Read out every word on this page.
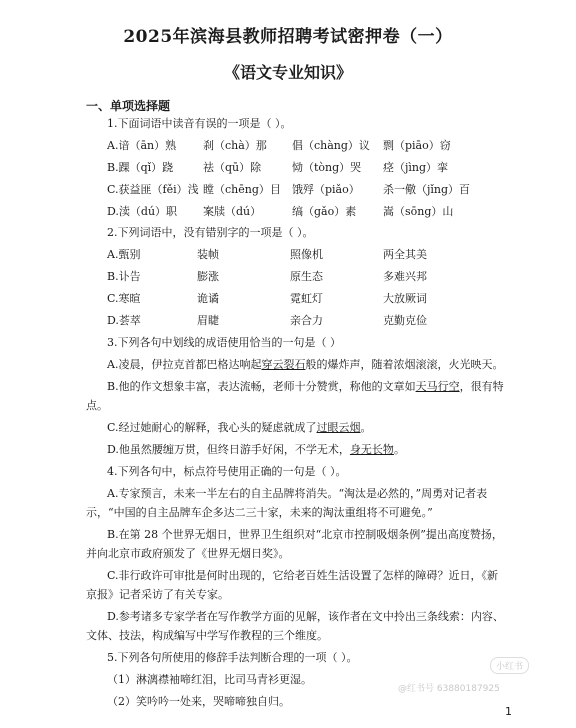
2025年滨海县教师招聘考试密押卷（一）
《语文专业知识》
一、单项选择题
1.下面词语中读音有误的一项是（ ）。
A.谙（ān）熟 刹（chà）那 倡（chàng）议 剽（piāo）窃
B.踝（qǐ）跷	祛（qū）除	恸（tòng）哭 痉（jìng）挛
C.获益匪（fěi）浅 瞠（chēng）目 饿殍（piǎo） 杀一儆（jǐng）百
D.渎（dú）职 案牍（dú）	缟（gǎo）素 嵩（sōng）山
2.下列词语中，没有错别字的一项是（ ）。
A.甄别	装帧	照像机	两全其美
B.讣告	膨涨	原生态	多难兴邦
C.寒暄	诡谲	霓虹灯	大放厥词
D.荟萃	眉睫	亲合力	克勤克俭
3.下列各句中划线的成语使用恰当的一句是（ ）
A.凌晨，伊拉克首都巴格达响起穿云裂石般的爆炸声，随着浓烟滚滚，火光映天。
B.他的作文想象丰富，表达流畅，老师十分赞赏，称他的文章如天马行空，很有特
点。
C.经过她耐心的解释，我心头的疑虑就成了过眼云烟。
D.他虽然腰缠万贯，但终日游手好闲，不学无术，身无长物。
4.下列各句中，标点符号使用正确的一句是（ ）。
A.专家预言，未来一半左右的自主品牌将消失。“淘汰是必然的，”周勇对记者表
示，“中国的自主品牌车企多达二三十家，未来的淘汰重组将不可避免。”
B.在第 28 个世界无烟日，世界卫生组织对“北京市控制吸烟条例”提出高度赞扬，
并向北京市政府颁发了《世界无烟日奖》。
C.非行政许可审批是何时出现的，它给老百姓生活设置了怎样的障碍？近日，《新
京报》记者采访了有关专家。
D.参考诸多专家学者在写作教学方面的见解，该作者在文中拎出三条线索：内容、
文体、技法，构成编写中学写作教程的三个维度。
5.下列各句所使用的修辞手法判断合理的一项（ ）。
（1）淋漓襟袖啼红泪，比司马青衫更湿。
（2）笑吟吟一处来，哭啼啼独自归。
1
小红书
@红书号 63880187925
